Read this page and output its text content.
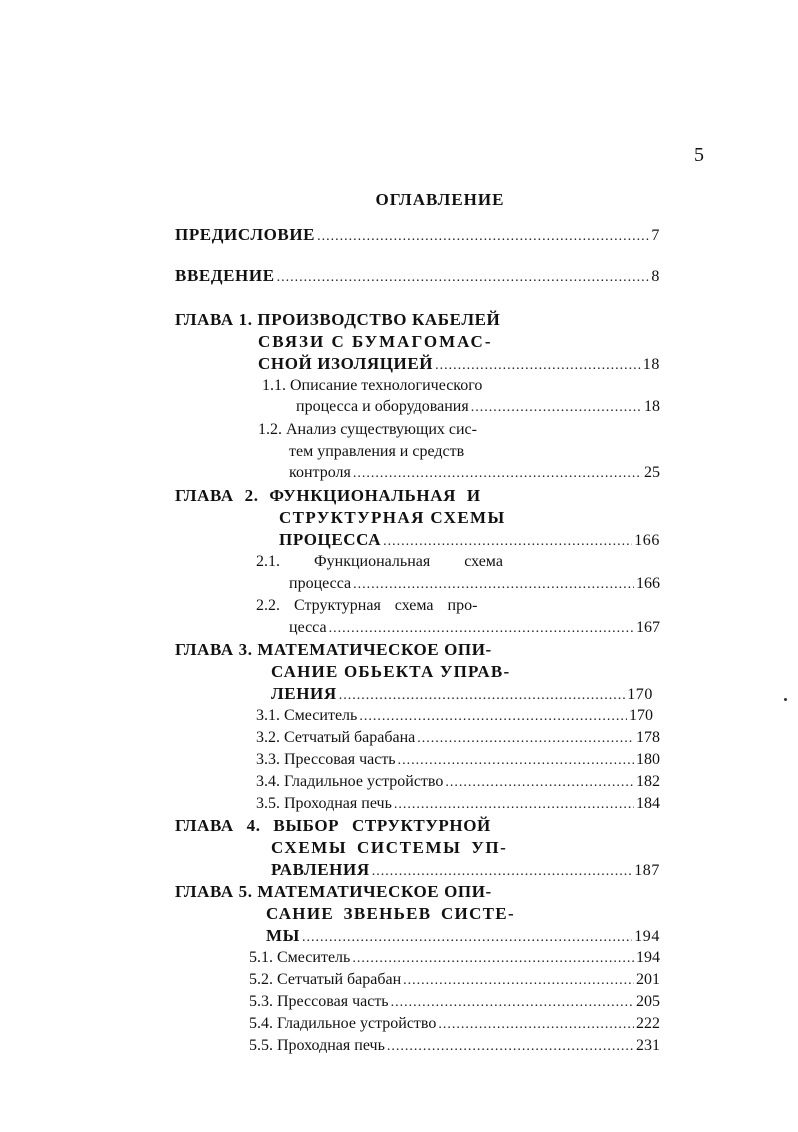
5
ОГЛАВЛЕНИЕ
ПРЕДИСЛОВИЕ .....	7
ВВЕДЕНИЕ .....	8
ГЛАВА 1. ПРОИЗВОДСТВО КАБЕЛЕЙ
СВЯЗИ С БУМАГОМАС-
СНОЙ ИЗОЛЯЦИЕЙ .....	18
1.1. Описание технологического
процесса и оборудования .....	18
1.2. Анализ существующих сис-
тем управления и средств
контроля .....	25
ГЛАВА 2. ФУНКЦИОНАЛЬНАЯ И
СТРУКТУРНАЯ СХЕМЫ
ПРОЦЕССА .....	166
2.1. Функциональная схема
процесса .....	166
2.2. Структурная схема про-
цесса .....	167
ГЛАВА 3. МАТЕМАТИЧЕСКОЕ ОПИ-
САНИЕ ОБЬЕКТА УПРАВ-
ЛЕНИЯ .....	170
3.1. Смеситель .....	170
3.2. Сетчатый барабана .....	178
3.3. Прессовая часть .....	180
3.4. Гладильное устройство .....	182
3.5. Проходная печь .....	184
ГЛАВА 4. ВЫБОР СТРУКТУРНОЙ
СХЕМЫ СИСТЕМЫ УП-
РАВЛЕНИЯ .....	187
ГЛАВА 5. МАТЕМАТИЧЕСКОЕ ОПИ-
САНИЕ ЗВЕНЬЕВ СИСТЕ-
МЫ .....	194
5.1. Смеситель .....	194
5.2. Сетчатый барабан .....	201
5.3. Прессовая часть .....	205
5.4. Гладильное устройство .....	222
5.5. Проходная печь .....	231
